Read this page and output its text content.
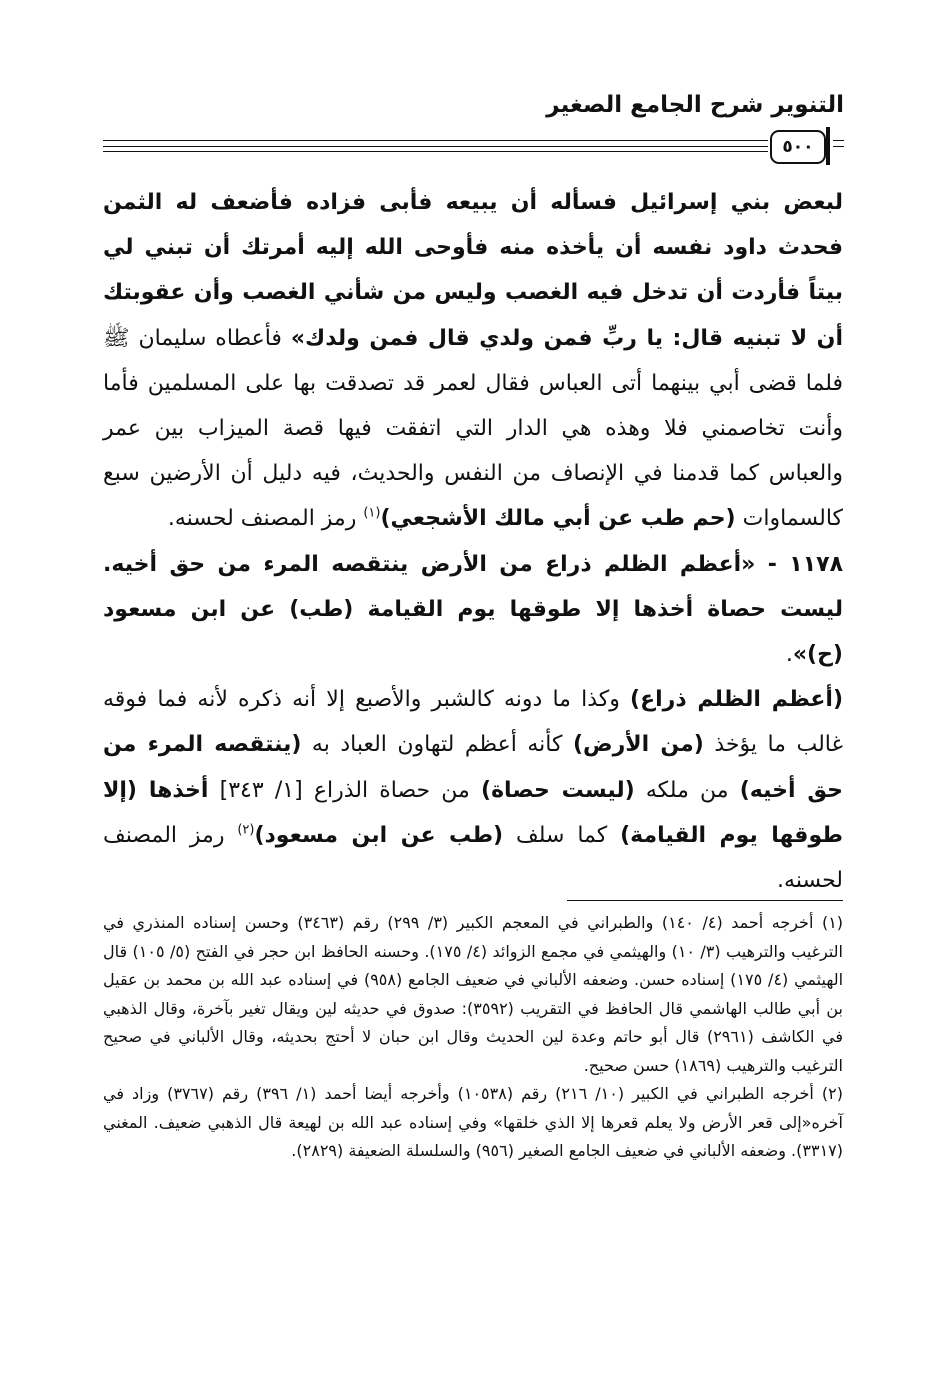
التنوير شرح الجامع الصغير
٥٠٠

لبعض بني إسرائيل فسأله أن يبيعه فأبى فزاده فأضعف له الثمن فحدث داود نفسه أن يأخذه منه فأوحى الله إليه أمرتك أن تبني لي بيتاً فأردت أن تدخل فيه الغصب وليس من شأني الغصب وأن عقوبتك أن لا تبنيه قال: يا ربِّ فمن ولدي قال فمن ولدك» فأعطاه سليمان ﷺ فلما قضى أبي بينهما أتى العباس فقال لعمر قد تصدقت بها على المسلمين فأما وأنت تخاصمني فلا وهذه هي الدار التي اتفقت فيها قصة الميزاب بين عمر والعباس كما قدمنا في الإنصاف من النفس والحديث، فيه دليل أن الأرضين سبع كالسماوات (حم طب عن أبي مالك الأشجعي)$^{(١)}$ رمز المصنف لحسنه.

١١٧٨ - «أعظم الظلم ذراع من الأرض ينتقصه المرء من حق أخيه. ليست حصاة أخذها إلا طوقها يوم القيامة (طب) عن ابن مسعود (ح)».

(أعظم الظلم ذراع) وكذا ما دونه كالشبر والأصبع إلا أنه ذكره لأنه فما فوقه غالب ما يؤخذ (من الأرض) كأنه أعظم لتهاون العباد به (ينتقصه المرء من حق أخيه) من ملكه (ليست حصاة) من حصاة الذراع [١/ ٣٤٣] أخذها (إلا طوقها يوم القيامة) كما سلف (طب عن ابن مسعود)$^{(٢)}$ رمز المصنف لحسنه.

(١) أخرجه أحمد (٤/ ١٤٠) والطبراني في المعجم الكبير (٣/ ٢٩٩) رقم (٣٤٦٣) وحسن إسناده المنذري في الترغيب والترهيب (٣/ ١٠) والهيثمي في مجمع الزوائد (٤/ ١٧٥). وحسنه الحافظ ابن حجر في الفتح (٥/ ١٠٥) قال الهيثمي (٤/ ١٧٥) إسناده حسن. وضعفه الألباني في ضعيف الجامع (٩٥٨) في إسناده عبد الله بن محمد بن عقيل بن أبي طالب الهاشمي قال الحافظ في التقريب (٣٥٩٢): صدوق في حديثه لين ويقال تغير بآخرة، وقال الذهبي في الكاشف (٢٩٦١) قال أبو حاتم وعدة لين الحديث وقال ابن حبان لا أحتج بحديثه، وقال الألباني في صحيح الترغيب والترهيب (١٨٦٩) حسن صحيح.

(٢) أخرجه الطبراني في الكبير (١٠/ ٢١٦) رقم (١٠٥٣٨) وأخرجه أيضا أحمد (١/ ٣٩٦) رقم (٣٧٦٧) وزاد في آخره«إلى قعر الأرض ولا يعلم قعرها إلا الذي خلقها» وفي إسناده عبد الله بن لهيعة قال الذهبي ضعيف. المغني (٣٣١٧). وضعفه الألباني في ضعيف الجامع الصغير (٩٥٦) والسلسلة الضعيفة (٢٨٢٩).
